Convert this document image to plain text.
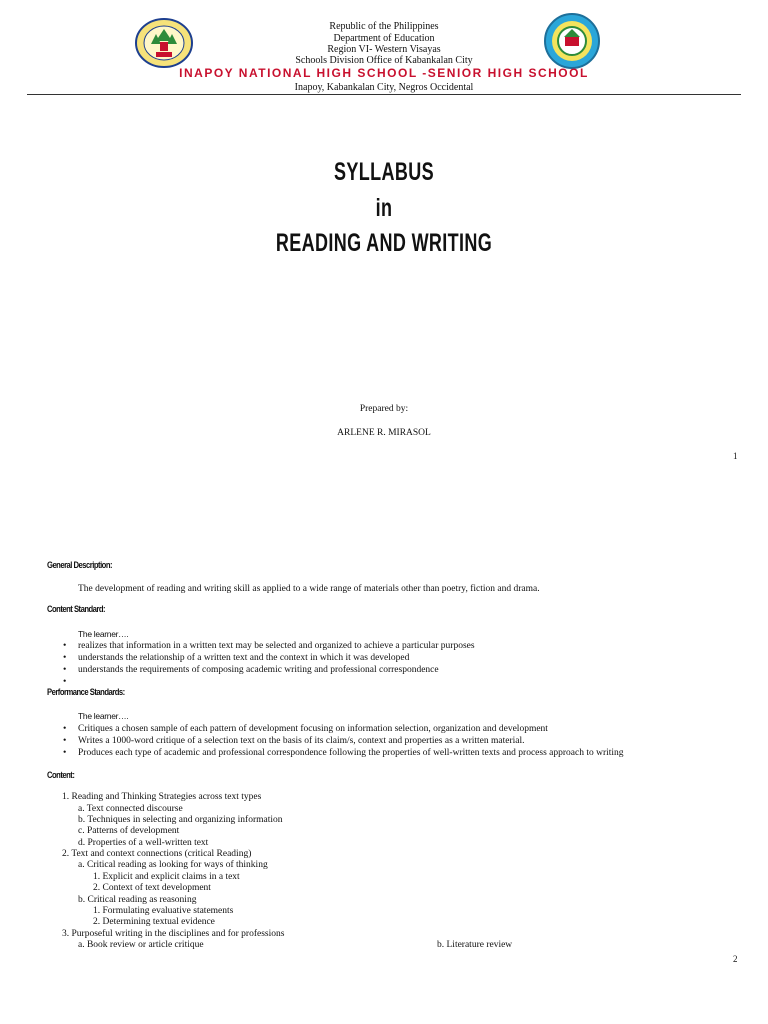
Republic of the Philippines
Department of Education
Region VI- Western Visayas
Schools Division Office of Kabankalan City
INAPOY NATIONAL HIGH SCHOOL -SENIOR HIGH SCHOOL
Inapoy, Kabankalan City, Negros Occidental
SYLLABUS
in
READING AND WRITING
Prepared by:
ARLENE R. MIRASOL
1
General Description:
The development of reading and writing skill as applied to a wide range of materials other than poetry, fiction and drama.
Content Standard:
The learner….
• realizes that information in a written text may be selected and organized to achieve a particular purposes
• understands the relationship of a written text and the context in which it was developed
• understands the requirements of composing academic writing and professional correspondence
Performance Standards:
The learner….
• Critiques a chosen sample of each pattern of development focusing on information selection, organization and development
• Writes a 1000-word critique of a selection text on the basis of its claim/s, context and properties as a written material.
• Produces each type of academic and professional correspondence following the properties of well-written texts and process approach to writing
Content:
1. Reading and Thinking Strategies across text types
a. Text connected discourse
b. Techniques in selecting and organizing information
c. Patterns of development
d. Properties of a well-written text
2. Text and context connections (critical Reading)
a. Critical reading as looking for ways of thinking
1. Explicit and explicit claims in a text
2. Context of text development
b. Critical reading as reasoning
1. Formulating evaluative statements
2. Determining textual evidence
3. Purposeful writing in the disciplines and for professions
a. Book review or article critique	b. Literature review
2
